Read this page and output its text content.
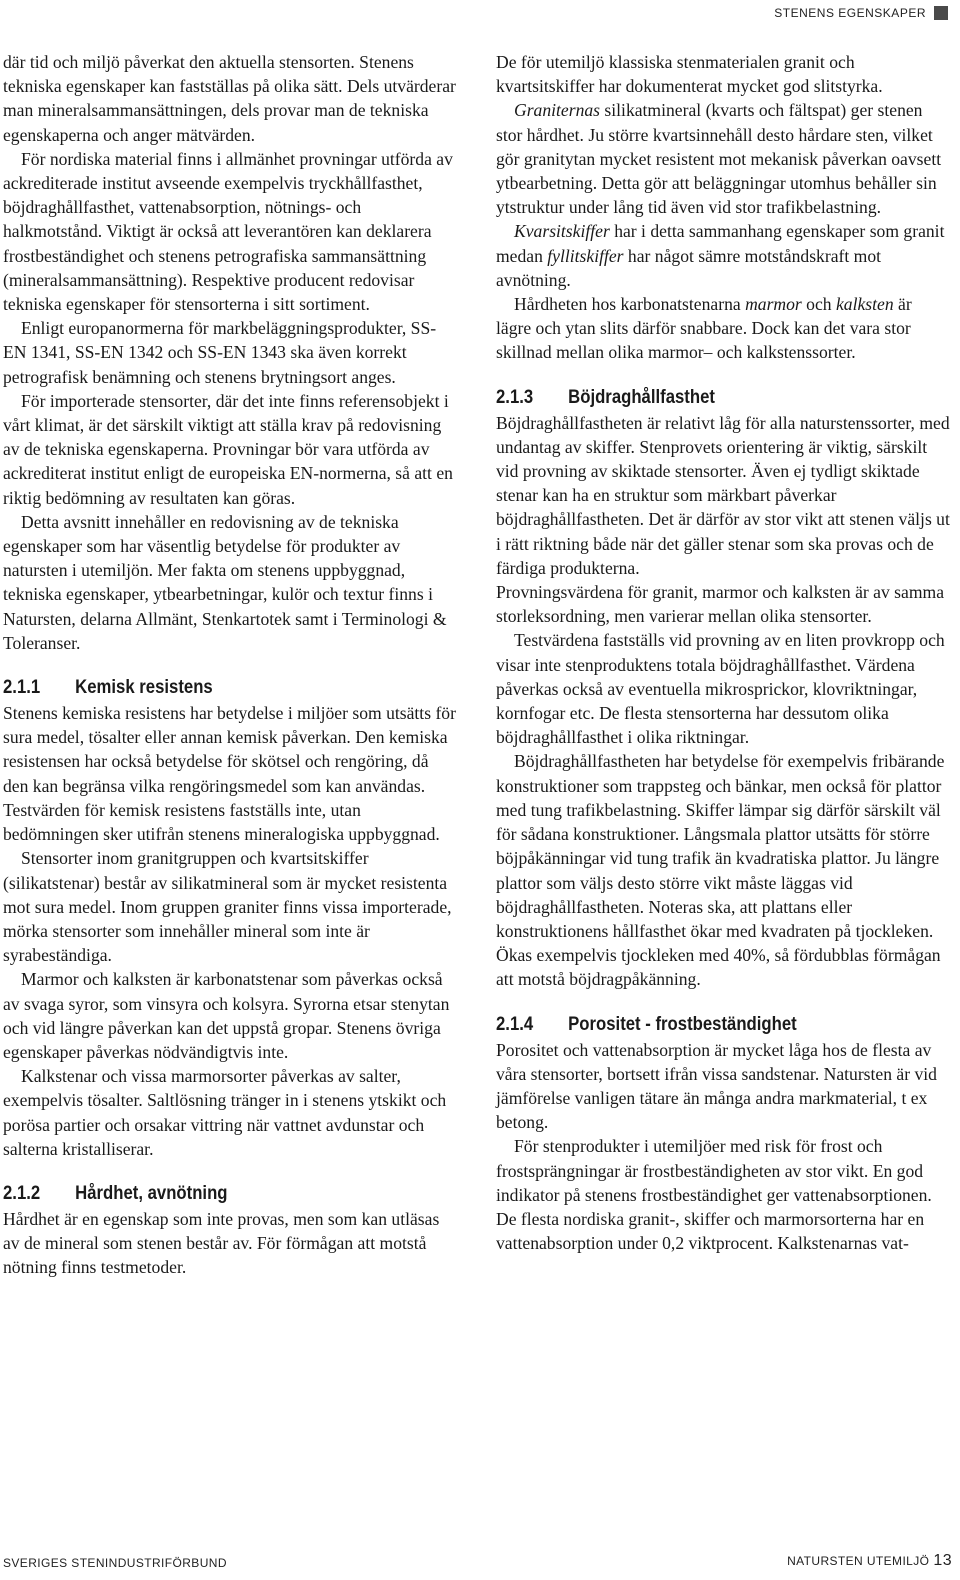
STENENS EGENSKAPER

där tid och miljö påverkat den aktuella stensorten. Stenens tekniska egenskaper kan fastställas på olika sätt. Dels utvärderar man mineralsammansättningen, dels provar man de tekniska egenskaperna och anger mätvärden.

För nordiska material finns i allmänhet provningar utförda av ackrediterade institut avseende exempelvis tryckhållfasthet, böjdraghållfasthet, vattenabsorption, nötnings- och halkmotstånd. Viktigt är också att leverantören kan deklarera frostbeständighet och stenens petrografiska sammansättning (mineralsammansättning). Respektive producent redovisar tekniska egenskaper för stensorterna i sitt sortiment.

Enligt europanormerna för markbeläggningsprodukter, SS-EN 1341, SS-EN 1342 och SS-EN 1343 ska även korrekt petrografisk benämning och stenens brytningsort anges.

För importerade stensorter, där det inte finns referensobjekt i vårt klimat, är det särskilt viktigt att ställa krav på redovisning av de tekniska egenskaperna. Provningar bör vara utförda av ackrediterat institut enligt de europeiska EN-normerna, så att en riktig bedömning av resultaten kan göras.

Detta avsnitt innehåller en redovisning av de tekniska egenskaper som har väsentlig betydelse för produkter av natursten i utemiljön. Mer fakta om stenens uppbyggnad, tekniska egenskaper, ytbearbetningar, kulör och textur finns i Natursten, delarna Allmänt, Stenkartotek samt i Terminologi & Toleranser.

2.1.1	Kemisk resistens

Stenens kemiska resistens har betydelse i miljöer som utsätts för sura medel, tösalter eller annan kemisk påverkan. Den kemiska resistensen har också betydelse för skötsel och rengöring, då den kan begränsa vilka rengöringsmedel som kan användas. Testvärden för kemisk resistens fastställs inte, utan bedömningen sker utifrån stenens mineralogiska uppbyggnad.

Stensorter inom granitgruppen och kvartsitskiffer (silikatstenar) består av silikatmineral som är mycket resistenta mot sura medel. Inom gruppen graniter finns vissa importerade, mörka stensorter som innehåller mineral som inte är syrabeständiga.

Marmor och kalksten är karbonatstenar som påverkas också av svaga syror, som vinsyra och kolsyra. Syrorna etsar stenytan och vid längre påverkan kan det uppstå gropar. Stenens övriga egenskaper påverkas nödvändigtvis inte.

Kalkstenar och vissa marmorsorter påverkas av salter, exempelvis tösalter. Saltlösning tränger in i stenens ytskikt och porösa partier och orsakar vittring när vattnet avdunstar och salterna kristalliserar.

2.1.2	Hårdhet, avnötning

Hårdhet är en egenskap som inte provas, men som kan utläsas av de mineral som stenen består av. För förmågan att motstå nötning finns testmetoder.

De för utemiljö klassiska stenmaterialen granit och kvartsitskiffer har dokumenterat mycket god slitstyrka.

Graniternas silikatmineral (kvarts och fältspat) ger stenen stor hårdhet. Ju större kvartsinnehåll desto hårdare sten, vilket gör granitytan mycket resistent mot mekanisk påverkan oavsett ytbearbetning. Detta gör att beläggningar utomhus behåller sin ytstruktur under lång tid även vid stor trafikbelastning.

Kvarsitskiffer har i detta sammanhang egenskaper som granit medan fyllitskiffer har något sämre motståndskraft mot avnötning.

Hårdheten hos karbonatstenarna marmor och kalksten är lägre och ytan slits därför snabbare. Dock kan det vara stor skillnad mellan olika marmor– och kalkstenssorter.

2.1.3	Böjdraghållfasthet

Böjdraghållfastheten är relativt låg för alla naturstenssorter, med undantag av skiffer. Stenprovets orientering är viktig, särskilt vid provning av skiktade stensorter. Även ej tydligt skiktade stenar kan ha en struktur som märkbart påverkar böjdraghållfastheten. Det är därför av stor vikt att stenen väljs ut i rätt riktning både när det gäller stenar som ska provas och de färdiga produkterna.

Provningsvärdena för granit, marmor och kalksten är av samma storleksordning, men varierar mellan olika stensorter.

Testvärdena fastställs vid provning av en liten provkropp och visar inte stenproduktens totala böjdraghållfasthet. Värdena påverkas också av eventuella mikrosprickor, klovriktningar, kornfogar etc. De flesta stensorterna har dessutom olika böjdraghållfasthet i olika riktningar.

Böjdraghållfastheten har betydelse för exempelvis fribärande konstruktioner som trappsteg och bänkar, men också för plattor med tung trafikbelastning. Skiffer lämpar sig därför särskilt väl för sådana konstruktioner. Långsmala plattor utsätts för större böjpåkänningar vid tung trafik än kvadratiska plattor. Ju längre plattor som väljs desto större vikt måste läggas vid böjdraghållfastheten. Noteras ska, att plattans eller konstruktionens hållfasthet ökar med kvadraten på tjockleken. Ökas exempelvis tjockleken med 40%, så fördubblas förmågan att motstå böjdragpåkänning.

2.1.4	Porositet - frostbeständighet

Porositet och vattenabsorption är mycket låga hos de flesta av våra stensorter, bortsett ifrån vissa sandstenar. Natursten är vid jämförelse vanligen tätare än många andra markmaterial, t ex betong.

För stenprodukter i utemiljöer med risk för frost och frostsprängningar är frostbeständigheten av stor vikt. En god indikator på stenens frostbeständighet ger vattenabsorptionen. De flesta nordiska granit-, skiffer och marmorsorterna har en vattenabsorption under 0,2 viktprocent. Kalkstenarnas vat-

SVERIGES STENINDUSTRIFÖRBUND	NATURSTEN UTEMILJÖ 13
